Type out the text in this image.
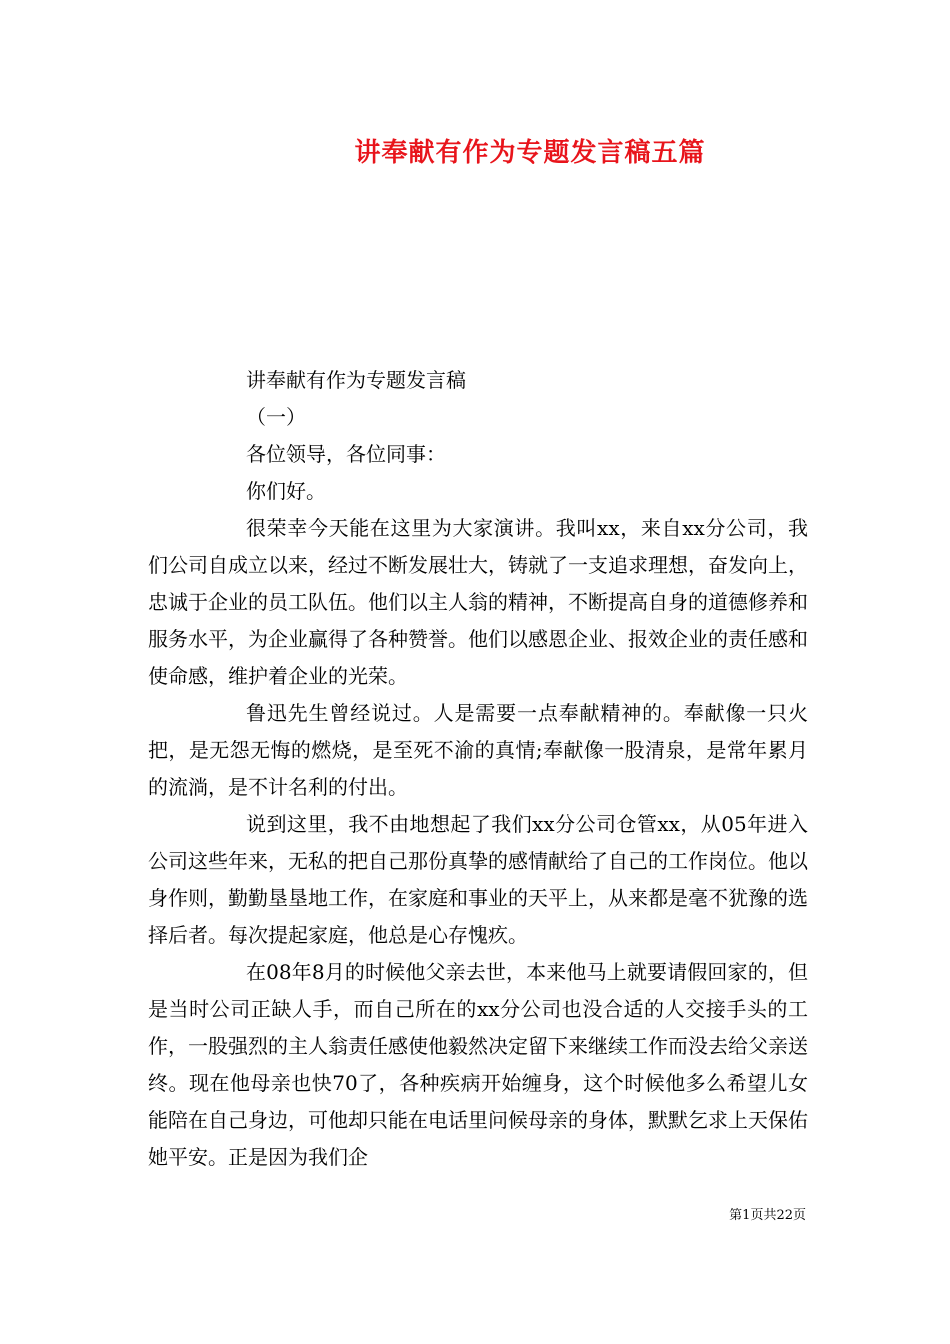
讲奉献有作为专题发言稿五篇
讲奉献有作为专题发言稿
（一）
各位领导，各位同事：
你们好。

很荣幸今天能在这里为大家演讲。我叫xx，来自xx分公司，我们公司自成立以来，经过不断发展壮大，铸就了一支追求理想，奋发向上，忠诚于企业的员工队伍。他们以主人翁的精神，不断提高自身的道德修养和服务水平，为企业赢得了各种赞誉。他们以感恩企业、报效企业的责任感和使命感，维护着企业的光荣。

鲁迅先生曾经说过。人是需要一点奉献精神的。奉献像一只火把，是无怨无悔的燃烧，是至死不渝的真情;奉献像一股清泉，是常年累月的流淌，是不计名利的付出。

说到这里，我不由地想起了我们xx分公司仓管xx，从05年进入公司这些年来，无私的把自己那份真挚的感情献给了自己的工作岗位。他以身作则，勤勤垦垦地工作，在家庭和事业的天平上，从来都是毫不犹豫的选择后者。每次提起家庭，他总是心存愧疚。

在08年8月的时候他父亲去世，本来他马上就要请假回家的，但是当时公司正缺人手，而自己所在的xx分公司也没合适的人交接手头的工作，一股强烈的主人翁责任感使他毅然决定留下来继续工作而没去给父亲送终。现在他母亲也快70了，各种疾病开始缠身，这个时候他多么希望儿女能陪在自己身边，可他却只能在电话里问候母亲的身体，默默乞求上天保佑她平安。正是因为我们企

第1页共22页
